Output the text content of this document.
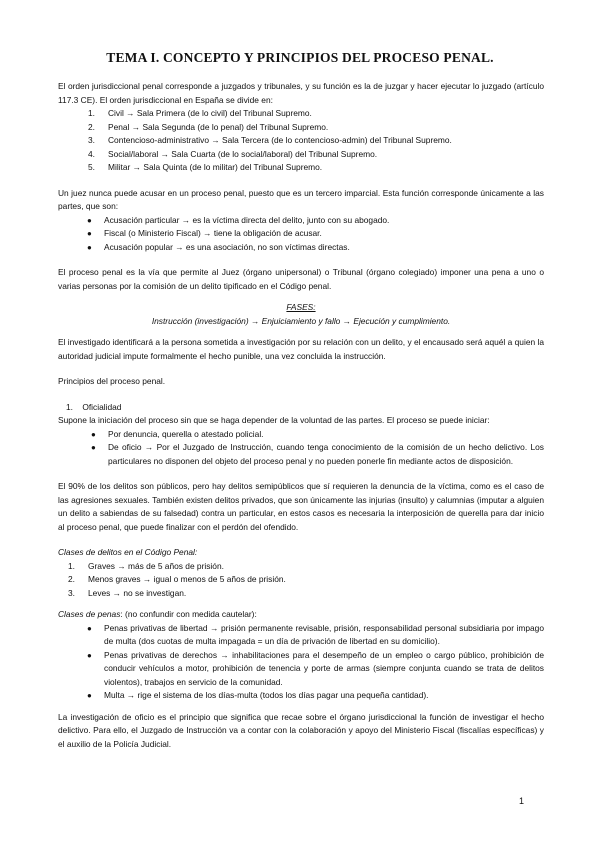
TEMA I. CONCEPTO Y PRINCIPIOS DEL PROCESO PENAL.

El orden jurisdiccional penal corresponde a juzgados y tribunales, y su función es la de juzgar y hacer ejecutar lo juzgado (artículo 117.3 CE). El orden jurisdiccional en España se divide en:

1. Civil → Sala Primera (de lo civil) del Tribunal Supremo.
2. Penal → Sala Segunda (de lo penal) del Tribunal Supremo.
3. Contencioso-administrativo → Sala Tercera (de lo contencioso-admin) del Tribunal Supremo.
4. Social/laboral → Sala Cuarta (de lo social/laboral) del Tribunal Supremo.
5. Militar → Sala Quinta (de lo militar) del Tribunal Supremo.

Un juez nunca puede acusar en un proceso penal, puesto que es un tercero imparcial. Esta función corresponde únicamente a las partes, que son:

● Acusación particular → es la víctima directa del delito, junto con su abogado.
● Fiscal (o Ministerio Fiscal) → tiene la obligación de acusar.
● Acusación popular → es una asociación, no son víctimas directas.

El proceso penal es la vía que permite al Juez (órgano unipersonal) o Tribunal (órgano colegiado) imponer una pena a uno o varias personas por la comisión de un delito tipificado en el Código penal.

FASES:

Instrucción (investigación) → Enjuiciamiento y fallo → Ejecución y cumplimiento.

El investigado identificará a la persona sometida a investigación por su relación con un delito, y el encausado será aquél a quien la autoridad judicial impute formalmente el hecho punible, una vez concluida la instrucción.

Principios del proceso penal.

1. Oficialidad

Supone la iniciación del proceso sin que se haga depender de la voluntad de las partes. El proceso se puede iniciar:

● Por denuncia, querella o atestado policial.
● De oficio → Por el Juzgado de Instrucción, cuando tenga conocimiento de la comisión de un hecho delictivo. Los particulares no disponen del objeto del proceso penal y no pueden ponerle fin mediante actos de disposición.

El 90% de los delitos son públicos, pero hay delitos semipúblicos que sí requieren la denuncia de la víctima, como es el caso de las agresiones sexuales. También existen delitos privados, que son únicamente las injurias (insulto) y calumnias (imputar a alguien un delito a sabiendas de su falsedad) contra un particular, en estos casos es necesaria la interposición de querella para dar inicio al proceso penal, que puede finalizar con el perdón del ofendido.

Clases de delitos en el Código Penal:

1. Graves → más de 5 años de prisión.
2. Menos graves → igual o menos de 5 años de prisión.
3. Leves → no se investigan.

Clases de penas: (no confundir con medida cautelar):

● Penas privativas de libertad → prisión permanente revisable, prisión, responsabilidad personal subsidiaria por impago de multa (dos cuotas de multa impagada = un día de privación de libertad en su domicilio).
● Penas privativas de derechos → inhabilitaciones para el desempeño de un empleo o cargo público, prohibición de conducir vehículos a motor, prohibición de tenencia y porte de armas (siempre conjunta cuando se trata de delitos violentos), trabajos en servicio de la comunidad.
● Multa → rige el sistema de los días-multa (todos los días pagar una pequeña cantidad).

La investigación de oficio es el principio que significa que recae sobre el órgano jurisdiccional la función de investigar el hecho delictivo. Para ello, el Juzgado de Instrucción va a contar con la colaboración y apoyo del Ministerio Fiscal (fiscalías específicas) y el auxilio de la Policía Judicial.

1
